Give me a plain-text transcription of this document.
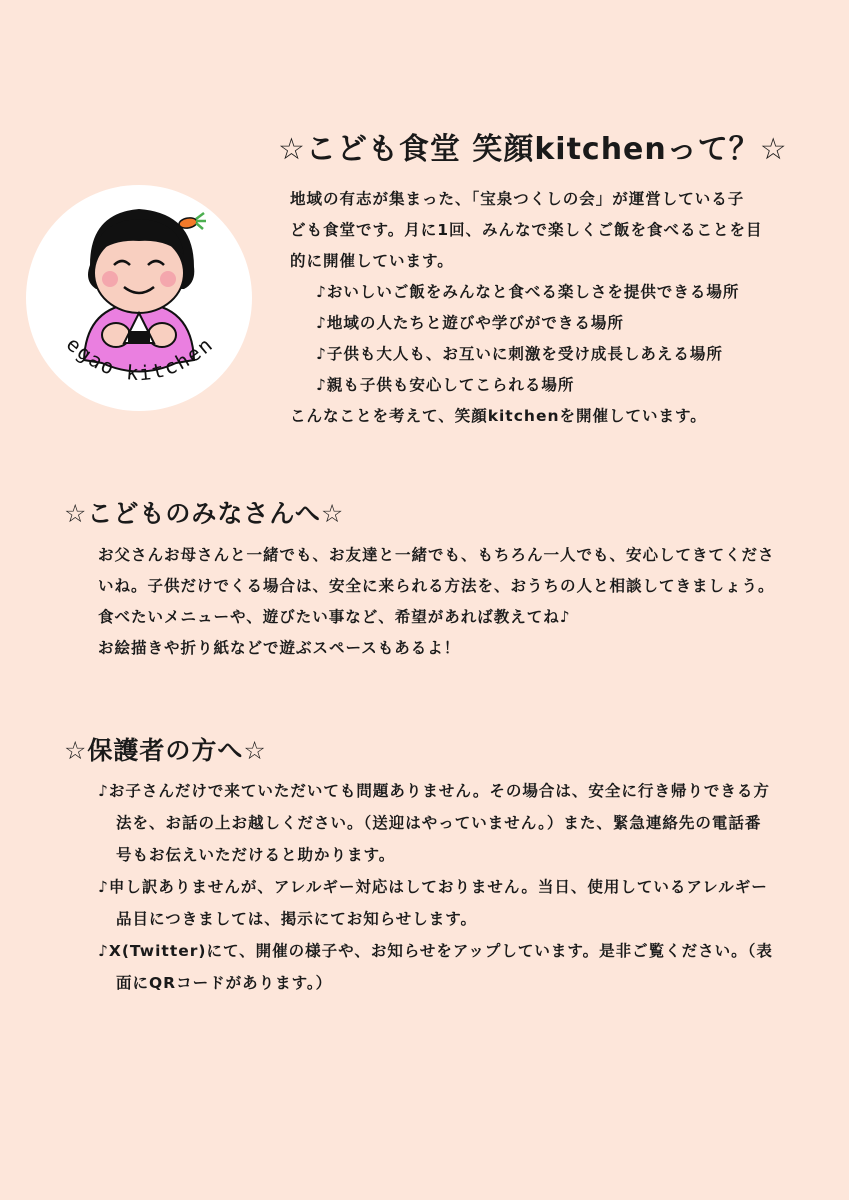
egao kitchen
☆こども食堂 笑顔kitchenって？☆
地域の有志が集まった、「宝泉つくしの会」が運営している子
ども食堂です。月に1回、みんなで楽しくご飯を食べることを目
的に開催しています。
♪おいしいご飯をみんなと食べる楽しさを提供できる場所
♪地域の人たちと遊びや学びができる場所
♪子供も大人も、お互いに刺激を受け成長しあえる場所
♪親も子供も安心してこられる場所
こんなことを考えて、笑顔kitchenを開催しています。
☆こどものみなさんへ☆
お父さんお母さんと一緒でも、お友達と一緒でも、もちろん一人でも、安心してきてくださ
いね。子供だけでくる場合は、安全に来られる方法を、おうちの人と相談してきましょう。
食べたいメニューや、遊びたい事など、希望があれば教えてね♪
お絵描きや折り紙などで遊ぶスペースもあるよ！
☆保護者の方へ☆
♪お子さんだけで来ていただいても問題ありません。その場合は、安全に行き帰りできる方
法を、お話の上お越しください。（送迎はやっていません。）また、緊急連絡先の電話番
号もお伝えいただけると助かります。
♪申し訳ありませんが、アレルギー対応はしておりません。当日、使用しているアレルギー
品目につきましては、掲示にてお知らせします。
♪X(Twitter)にて、開催の様子や、お知らせをアップしています。是非ご覧ください。（表
面にQRコードがあります。）
